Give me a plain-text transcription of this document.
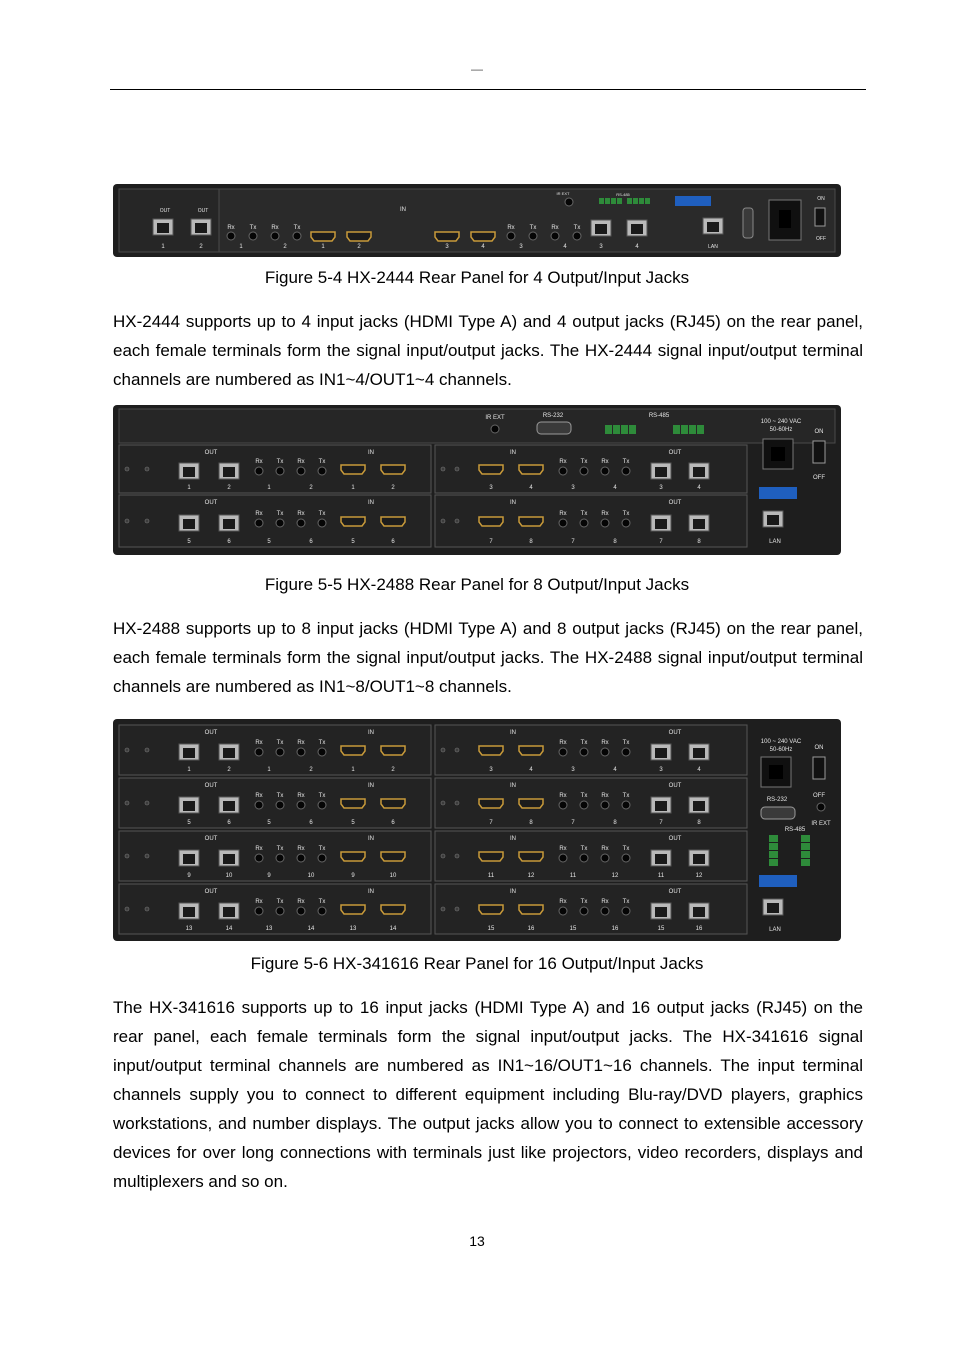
—
OUT	OUT
1	2
IN
Rx Tx Rx Tx
1	2	1	2	3	4
Rx Tx Rx Tx
3	4	3	4
IR EXT	RS-485
LAN
ON
OFF
Figure 5-4 HX-2444 Rear Panel for 4 Output/Input Jacks

HX-2444 supports up to 4 input jacks (HDMI Type A) and 4 output jacks (RJ45) on the rear panel, each female terminals form the signal input/output jacks. The HX-2444 signal input/output terminal channels are numbered as IN1~4/OUT1~4 channels.

IR EXT	RS-232	RS-485
OUT
1	2
Rx Tx Rx Tx
1	2
IN
1	2
IN
3	4
Rx Tx Rx Tx
3	4
OUT
3	4
OUT
5	6
Rx Tx Rx Tx
5	6
IN
5	6
IN
7	8
Rx Tx Rx Tx
7	8
OUT
7	8
100 ~ 240 VAC
50-60Hz	ON
OFF
LAN
Figure 5-5 HX-2488 Rear Panel for 8 Output/Input Jacks

HX-2488 supports up to 8 input jacks (HDMI Type A) and 8 output jacks (RJ45) on the rear panel, each female terminals form the signal input/output jacks. The HX-2488 signal input/output terminal channels are numbered as IN1~8/OUT1~8 channels.

OUT
1	2
Rx Tx Rx Tx
1	2
IN
1	2
IN
3	4
Rx Tx Rx Tx
3	4
OUT
3	4
OUT
5	6
Rx Tx Rx Tx
5	6
IN
5	6
IN
7	8
Rx Tx Rx Tx
7	8
OUT
7	8
OUT
9	10
Rx Tx Rx Tx
9	10
IN
9	10
IN
11	12
Rx Tx Rx Tx
11	12
OUT
11	12
OUT
13	14
Rx Tx Rx Tx
13	14
IN
13	14
IN
15	16
Rx Tx Rx Tx
15	16
OUT
15	16
100 ~ 240 VAC
50-60Hz	ON
OFF
RS-232
IR EXT
RS-485
LAN
Figure 5-6 HX-341616 Rear Panel for 16 Output/Input Jacks

The HX-341616 supports up to 16 input jacks (HDMI Type A) and 16 output jacks (RJ45) on the rear panel, each female terminals form the signal input/output jacks. The HX-341616 signal input/output terminal channels are numbered as IN1~16/OUT1~16 channels. The input terminal channels supply you to connect to different equipment including Blu-ray/DVD players, graphics workstations, and number displays. The output jacks allow you to connect to extensible accessory devices for over long connections with terminals just like projectors, video recorders, displays and multiplexers and so on.

13
